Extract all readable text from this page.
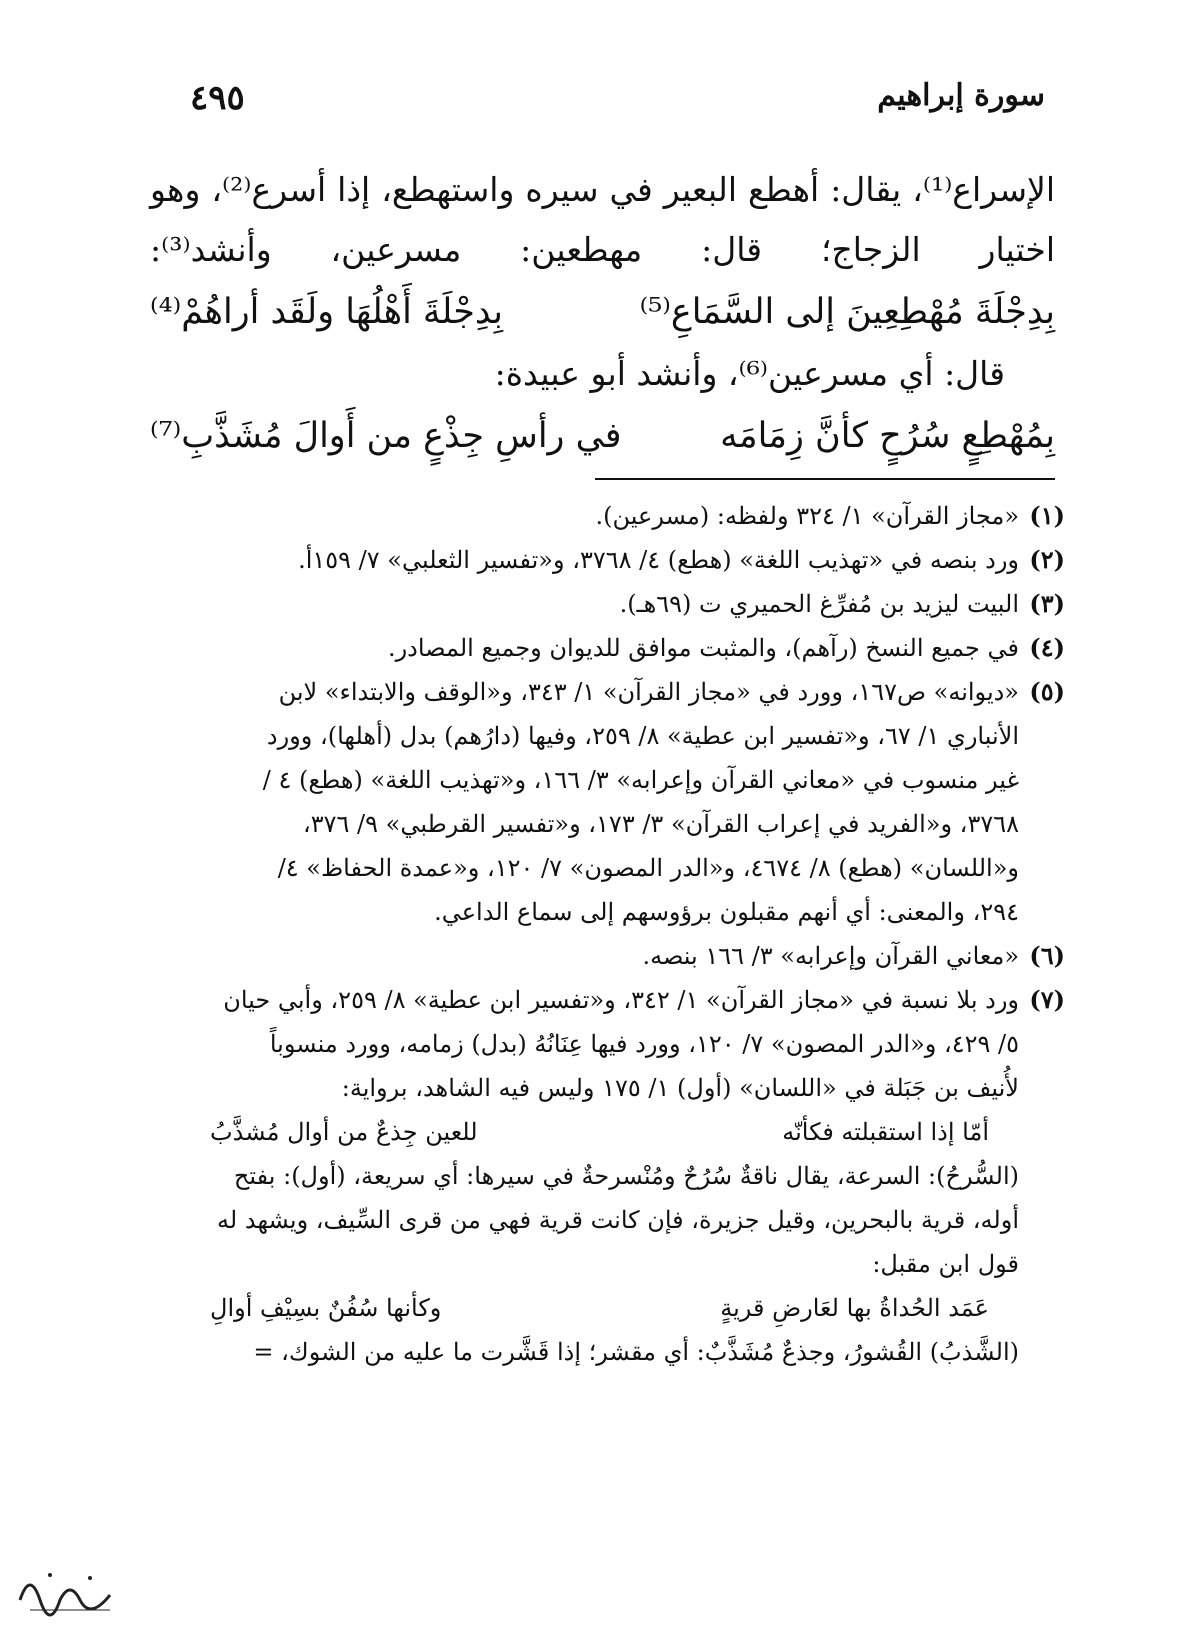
سورة إبراهيم
٤٩٥
الإسراع⁽¹⁾، يقال: أهطع البعير في سيره واستهطع، إذا أسرع⁽²⁾، وهو
اختيار الزجاج؛ قال: مهطعين: مسرعين، وأنشد⁽³⁾:
بِدِجْلَةَ مُهْطِعِينَ إلى السَّمَاعِ⁽⁵⁾
بِدِجْلَةَ أَهْلُهَا ولَقَد أراهُمْ⁽⁴⁾
قال: أي مسرعين⁽⁶⁾، وأنشد أبو عبيدة:
بِمُهْطِعٍ سُرُحٍ كأنَّ زِمَامَه
في رأسِ جِذْعٍ من أَوالَ مُشَذَّبِ⁽⁷⁾
(١)
«مجاز القرآن» ١/ ٣٢٤ ولفظه: (مسرعين).
(٢)
ورد بنصه في «تهذيب اللغة» (هطع) ٤/ ٣٧٦٨، و«تفسير الثعلبي» ٧/ ١٥٩أ.
(٣)
البيت ليزيد بن مُفرِّغ الحميري ت (٦٩هـ).
(٤)
في جميع النسخ (رآهم)، والمثبت موافق للديوان وجميع المصادر.
(٥)
«ديوانه» ص١٦٧، وورد في «مجاز القرآن» ١/ ٣٤٣، و«الوقف والابتداء» لابن
الأنباري ١/ ٦٧، و«تفسير ابن عطية» ٨/ ٢٥٩، وفيها (دارُهم) بدل (أهلها)، وورد
غير منسوب في «معاني القرآن وإعرابه» ٣/ ١٦٦، و«تهذيب اللغة» (هطع) ٤ /
٣٧٦٨، و«الفريد في إعراب القرآن» ٣/ ١٧٣، و«تفسير القرطبي» ٩/ ٣٧٦،
و«اللسان» (هطع) ٨/ ٤٦٧٤، و«الدر المصون» ٧/ ١٢٠، و«عمدة الحفاظ» ٤/
٢٩٤، والمعنى: أي أنهم مقبلون برؤوسهم إلى سماع الداعي.
(٦)
«معاني القرآن وإعرابه» ٣/ ١٦٦ بنصه.
(٧)
ورد بلا نسبة في «مجاز القرآن» ١/ ٣٤٢، و«تفسير ابن عطية» ٨/ ٢٥٩، وأبي حيان
٥/ ٤٢٩، و«الدر المصون» ٧/ ١٢٠، وورد فيها عِنَانُهُ (بدل) زمامه، وورد منسوباً
لأُنيف بن جَبَلة في «اللسان» (أول) ١/ ١٧٥ وليس فيه الشاهد، برواية:
أمّا إذا استقبلته فكأنّه
للعين جِذعٌ من أوال مُشذَّبُ
(السُّرحُ): السرعة، يقال ناقةٌ سُرُحٌ ومُنْسرحةٌ في سيرها: أي سريعة، (أول): بفتح
أوله، قرية بالبحرين، وقيل جزيرة، فإن كانت قرية فهي من قرى السِّيف، ويشهد له
قول ابن مقبل:
عَمَد الحُداةُ بها لعَارضِ قريةٍ
وكأنها سُفُنٌ بسِيْفِ أوالِ
(الشَّذبُ) القُشورُ، وجذعٌ مُشَذَّبٌ: أي مقشر؛ إذا قَشَّرت ما عليه من الشوك، =
